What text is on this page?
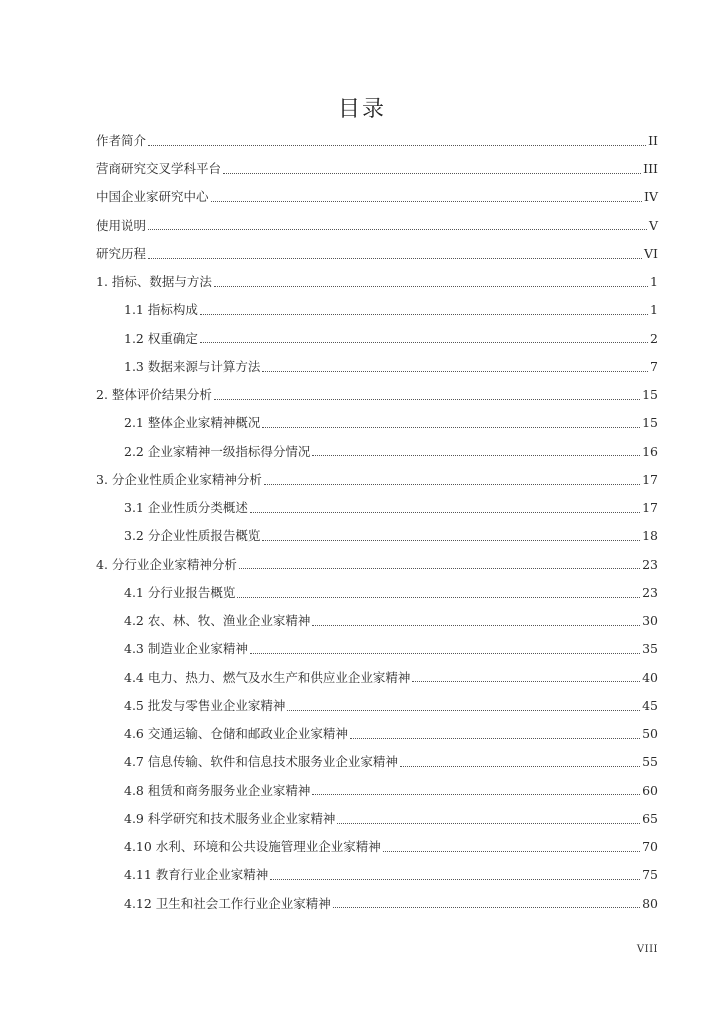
目录
作者简介	II
营商研究交叉学科平台	III
中国企业家研究中心	IV
使用说明	V
研究历程	VI
1. 指标、数据与方法	1
1.1 指标构成	1
1.2 权重确定	2
1.3 数据来源与计算方法	7
2. 整体评价结果分析	15
2.1 整体企业家精神概况	15
2.2 企业家精神一级指标得分情况	16
3. 分企业性质企业家精神分析	17
3.1 企业性质分类概述	17
3.2 分企业性质报告概览	18
4. 分行业企业家精神分析	23
4.1 分行业报告概览	23
4.2 农、林、牧、渔业企业家精神	30
4.3 制造业企业家精神	35
4.4 电力、热力、燃气及水生产和供应业企业家精神	40
4.5 批发与零售业企业家精神	45
4.6 交通运输、仓储和邮政业企业家精神	50
4.7 信息传输、软件和信息技术服务业企业家精神	55
4.8 租赁和商务服务业企业家精神	60
4.9 科学研究和技术服务业企业家精神	65
4.10 水利、环境和公共设施管理业企业家精神	70
4.11 教育行业企业家精神	75
4.12 卫生和社会工作行业企业家精神	80
VIII
